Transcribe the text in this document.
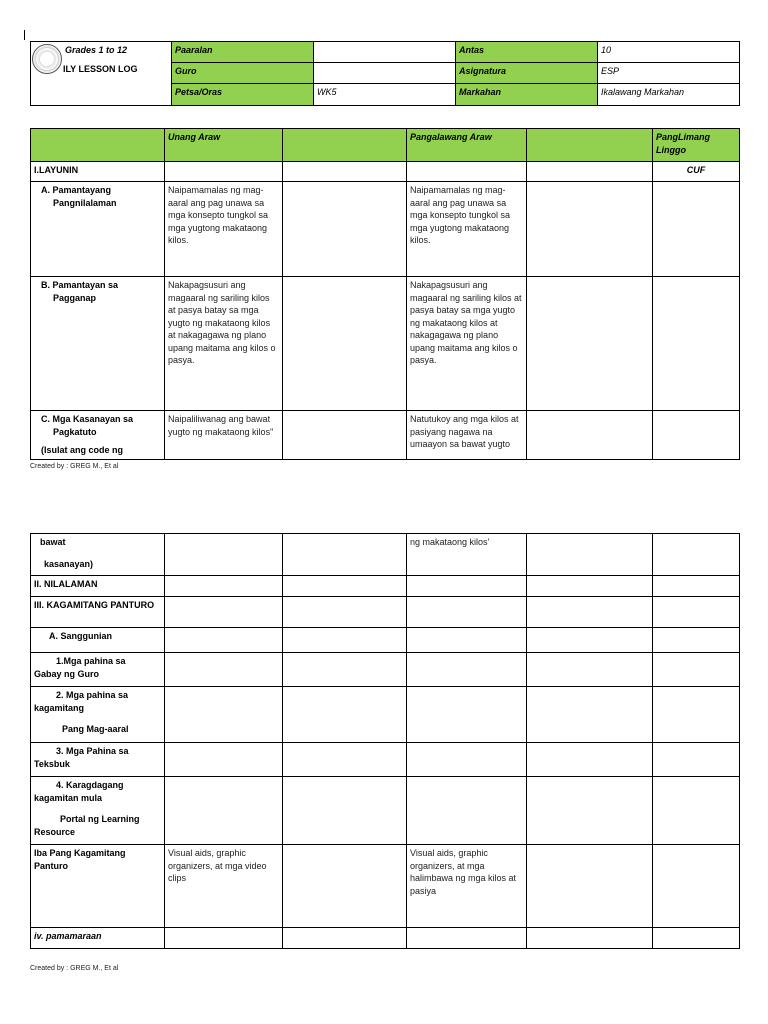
Grades 1 to 12
ILY LESSON LOG	Paaralan		Antas	10
	Guro		Asignatura	ESP
	Petsa/Oras	WK5	Markahan	Ikalawang Markahan
	Unang Araw		Pangalawang Araw		PangLimang Linggo
I.LAYUNIN					CUF

A. Pamantayang
Pangnilalaman	Naipamamalas ng mag-aaral ang pag unawa sa mga konsepto tungkol sa mga yugtong makataong kilos.		Naipamamalas ng mag-aaral ang pag unawa sa mga konsepto tungkol sa mga yugtong makataong kilos.		

B. Pamantayan sa
Pagganap	Nakapagsusuri ang magaaral ng sariling kilos at pasya batay sa mga yugto ng makataong kilos at nakagagawa ng plano upang maitama ang kilos o pasya.		Nakapagsusuri ang magaaral ng sariling kilos at pasya batay sa mga yugto ng makataong kilos at nakagagawa ng plano upang maitama ang kilos o pasya.		

C. Mga Kasanayan sa
Pagkatuto
(Isulat ang code ng	Naipaliliwanag ang bawat yugto ng makataong kilos"		Natutukoy ang mga kilos at pasiyang nagawa na umaayon sa bawat yugto		
Created by : GREG M., Et al
bawat
kasanayan)			ng makataong kilos'		
II. NILALAMAN					
III. KAGAMITANG PANTURO					
A. Sanggunian					

1.Mga pahina sa
Gabay ng Guro					

2. Mga pahina sa kagamitang
Pang Mag-aaral					

3. Mga Pahina sa
Teksbuk					

4. Karagdagang kagamitan mula
Portal ng Learning Resource					

Iba Pang Kagamitang Panturo	Visual aids, graphic organizers, at mga video clips		Visual aids, graphic organizers, at mga halimbawa ng mga kilos at pasiya		
iv. pamamaraan					
Created by : GREG M., Et al
